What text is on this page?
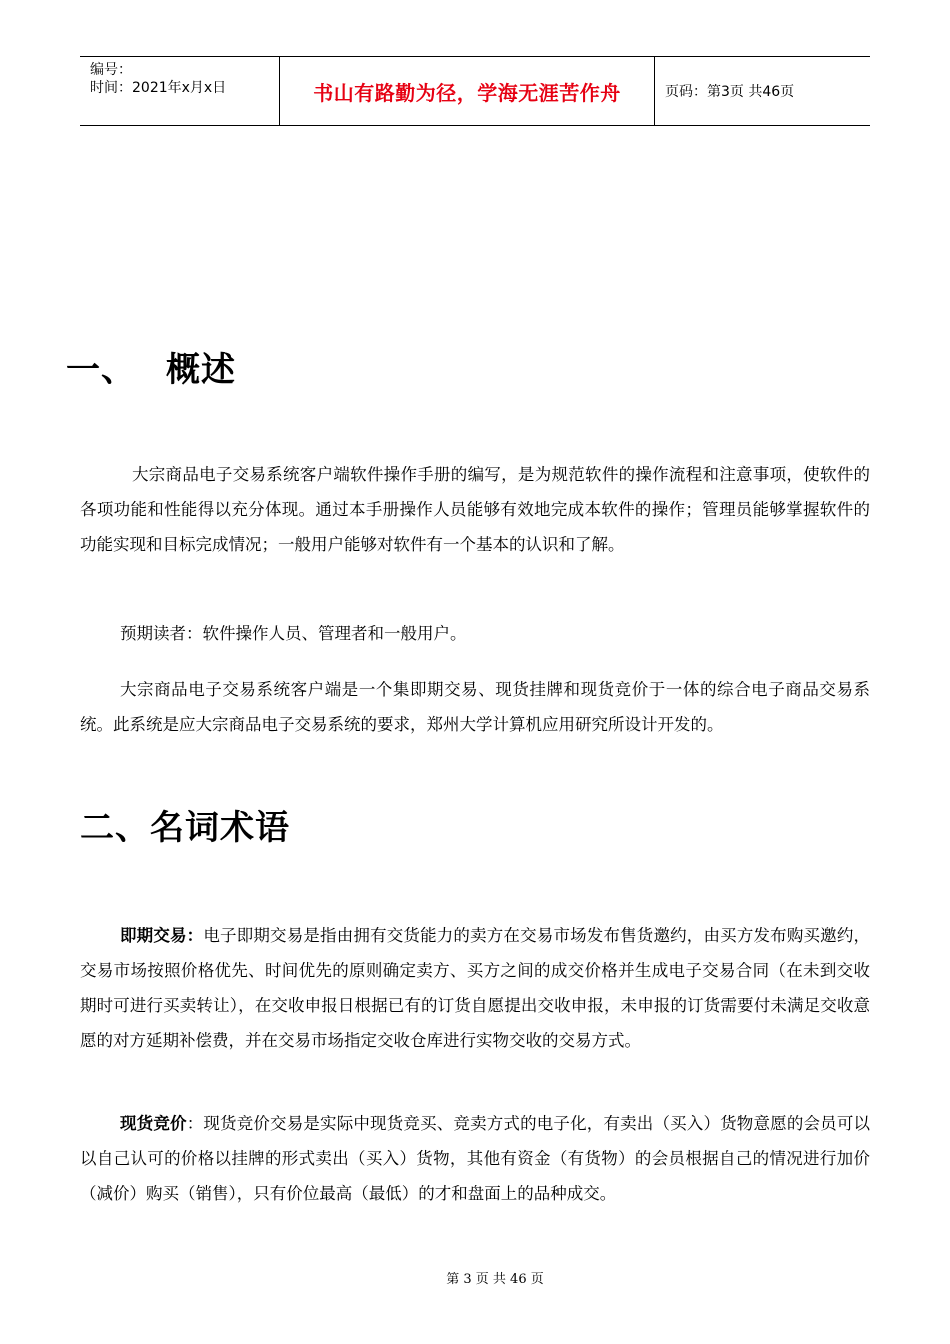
编号：
时间：2021年x月x日	书山有路勤为径，学海无涯苦作舟	页码：第3页 共46页
一、 概述

大宗商品电子交易系统客户端软件操作手册的编写，是为规范软件的操作流程和注意事项，使软件的各项功能和性能得以充分体现。通过本手册操作人员能够有效地完成本软件的操作；管理员能够掌握软件的功能实现和目标完成情况；一般用户能够对软件有一个基本的认识和了解。

预期读者：软件操作人员、管理者和一般用户。

大宗商品电子交易系统客户端是一个集即期交易、现货挂牌和现货竞价于一体的综合电子商品交易系统。此系统是应大宗商品电子交易系统的要求，郑州大学计算机应用研究所设计开发的。

二、名词术语

即期交易：电子即期交易是指由拥有交货能力的卖方在交易市场发布售货邀约，由买方发布购买邀约，交易市场按照价格优先、时间优先的原则确定卖方、买方之间的成交价格并生成电子交易合同（在未到交收期时可进行买卖转让），在交收申报日根据已有的订货自愿提出交收申报，未申报的订货需要付未满足交收意愿的对方延期补偿费，并在交易市场指定交收仓库进行实物交收的交易方式。

现货竞价：现货竞价交易是实际中现货竞买、竞卖方式的电子化，有卖出（买入）货物意愿的会员可以以自己认可的价格以挂牌的形式卖出（买入）货物，其他有资金（有货物）的会员根据自己的情况进行加价（减价）购买（销售），只有价位最高（最低）的才和盘面上的品种成交。

第 3 页 共 46 页
